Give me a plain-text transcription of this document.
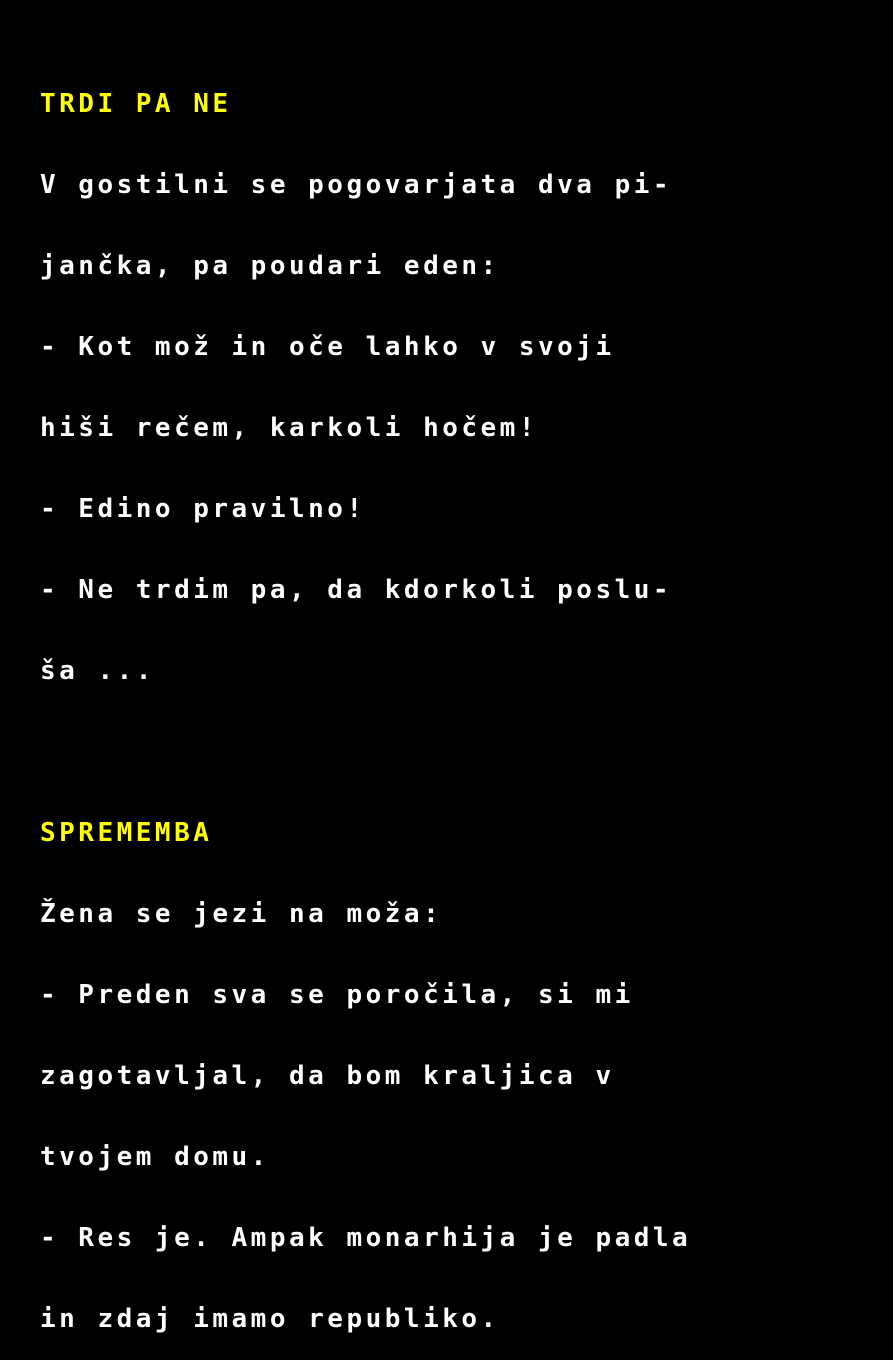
TRDI PA NE

V gostilni se pogovarjata dva pi-

jančka, pa poudari eden:

- Kot mož in oče lahko v svoji

hiši rečem, karkoli hočem!

- Edino pravilno!

- Ne trdim pa, da kdorkoli poslu-

ša ...

SPREMEMBA

Žena se jezi na moža:

- Preden sva se poročila, si mi

zagotavljal, da bom kraljica v

tvojem domu.

- Res je. Ampak monarhija je padla

in zdaj imamo republiko.
